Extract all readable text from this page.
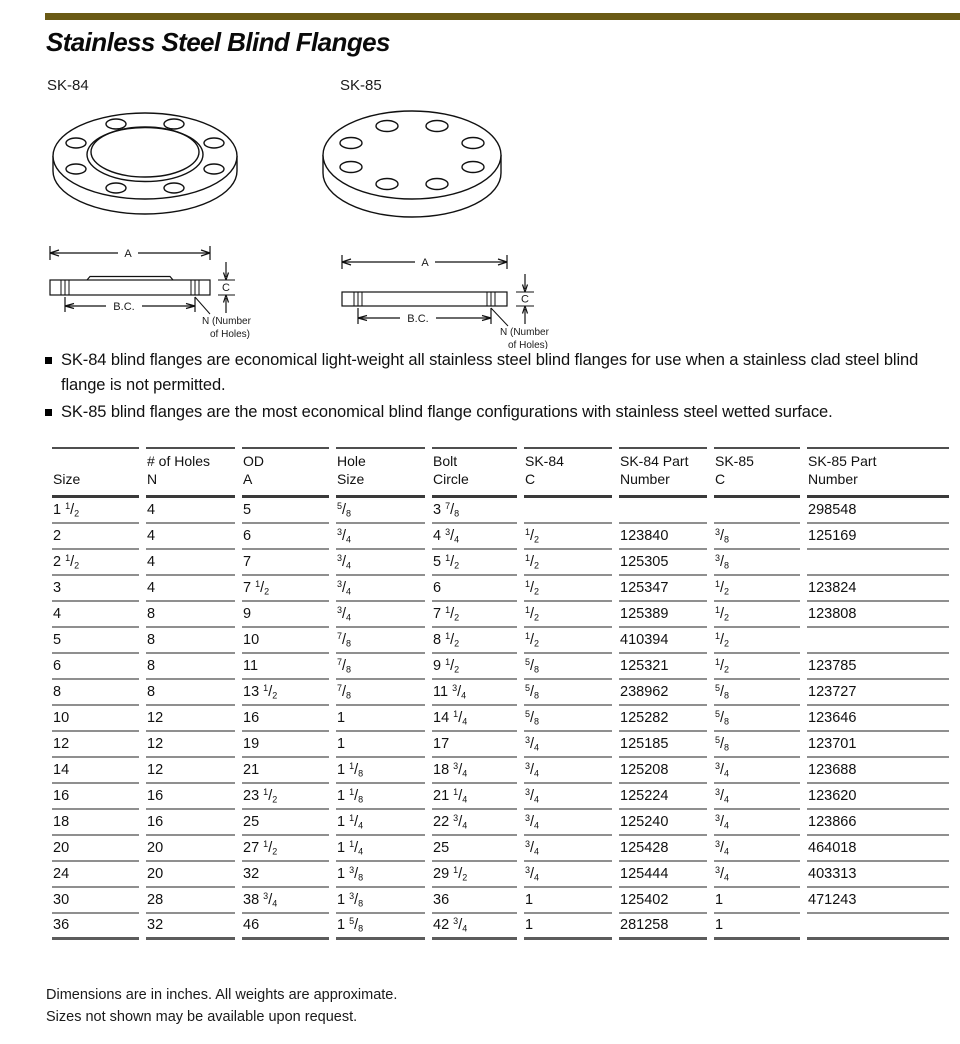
Stainless Steel Blind Flanges
SK-84	SK-85
A
C
B.C.
N (Number
of Holes)
A
C
B.C.
N (Number
of Holes)
SK-84 blind flanges are economical light-weight all stainless steel blind flanges for use when a stainless clad steel blind flange is not permitted.
SK-85 blind flanges are the most economical blind flange configurations with stainless steel wetted surface.
Size

# of Holes
N

OD
A

Hole
Size

Bolt
Circle

SK-84
C

SK-84 Part
Number

SK-85
C

SK-85 Part
Number

1 $^1/_2$	4	5	$^5/_8$	3 $^7/_8$				298548
2	4	6	$^3/_4$	4 $^3/_4$	$^1/_2$	123840	$^3/_8$	125169
2 $^1/_2$	4	7	$^3/_4$	5 $^1/_2$	$^1/_2$	125305	$^3/_8$	
3	4	7 $^1/_2$	$^3/_4$	6	$^1/_2$	125347	$^1/_2$	123824
4	8	9	$^3/_4$	7 $^1/_2$	$^1/_2$	125389	$^1/_2$	123808
5	8	10	$^7/_8$	8 $^1/_2$	$^1/_2$	410394	$^1/_2$	
6	8	11	$^7/_8$	9 $^1/_2$	$^5/_8$	125321	$^1/_2$	123785
8	8	13 $^1/_2$	$^7/_8$	11 $^3/_4$	$^5/_8$	238962	$^5/_8$	123727
10	12	16	1	14 $^1/_4$	$^5/_8$	125282	$^5/_8$	123646
12	12	19	1	17	$^3/_4$	125185	$^5/_8$	123701
14	12	21	1 $^1/_8$	18 $^3/_4$	$^3/_4$	125208	$^3/_4$	123688
16	16	23 $^1/_2$	1 $^1/_8$	21 $^1/_4$	$^3/_4$	125224	$^3/_4$	123620
18	16	25	1 $^1/_4$	22 $^3/_4$	$^3/_4$	125240	$^3/_4$	123866
20	20	27 $^1/_2$	1 $^1/_4$	25	$^3/_4$	125428	$^3/_4$	464018
24	20	32	1 $^3/_8$	29 $^1/_2$	$^3/_4$	125444	$^3/_4$	403313
30	28	38 $^3/_4$	1 $^3/_8$	36	1	125402	1	471243
36	32	46	1 $^5/_8$	42 $^3/_4$	1	281258	1	
Dimensions are in inches. All weights are approximate.
Sizes not shown may be available upon request.
